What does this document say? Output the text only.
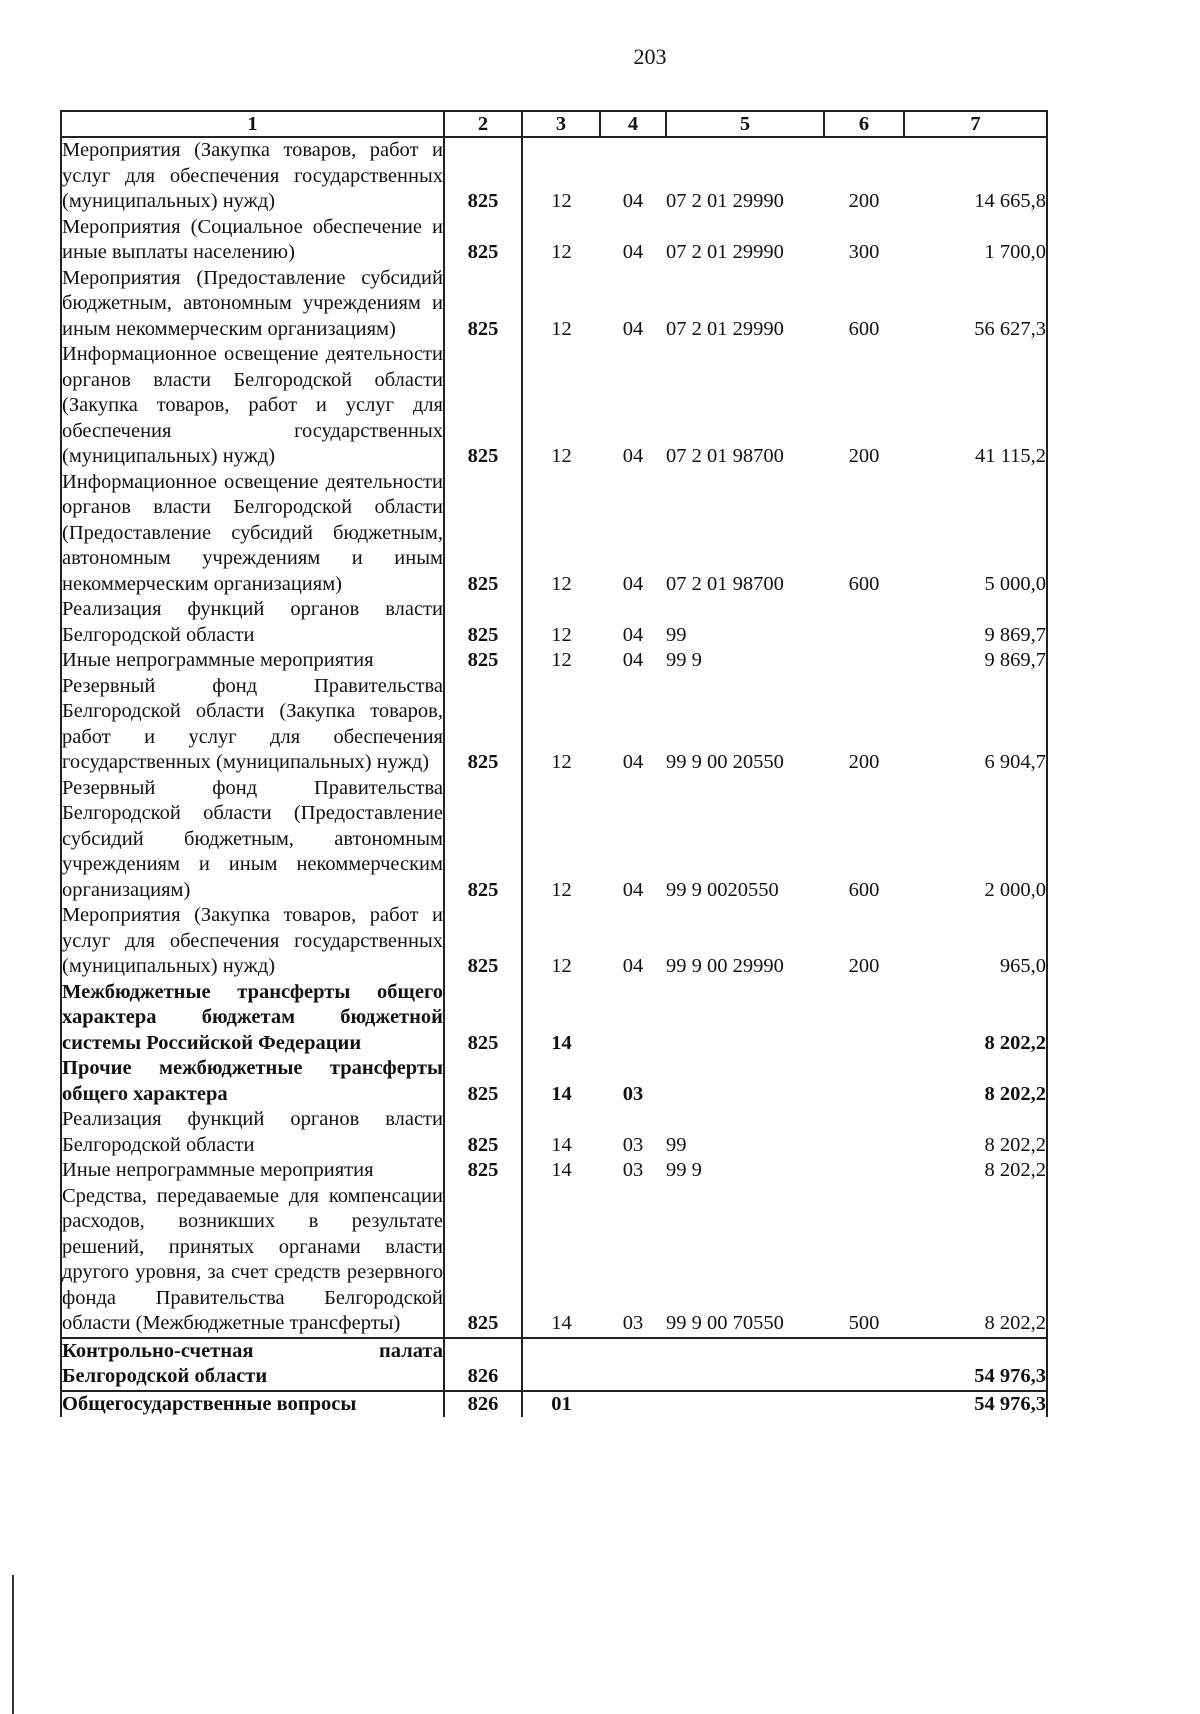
203
1	2	3	4	5	6	7
Мероприятия (Закупка товаров, работ и услуг для обеспечения государственных (муниципальных) нужд)	825	12	04	07 2 01 29990	200	14 665,8
Мероприятия (Социальное обеспечение и иные выплаты населению)	825	12	04	07 2 01 29990	300	1 700,0
Мероприятия (Предоставление субсидий бюджетным, автономным учреждениям и иным некоммерческим организациям)	825	12	04	07 2 01 29990	600	56 627,3
Информационное освещение деятельности органов власти Белгородской области (Закупка товаров, работ и услуг для обеспечения государственных (муниципальных) нужд)	825	12	04	07 2 01 98700	200	41 115,2
Информационное освещение деятельности органов власти Белгородской области (Предоставление субсидий бюджетным, автономным учреждениям и иным некоммерческим организациям)	825	12	04	07 2 01 98700	600	5 000,0
Реализация функций органов власти Белгородской области	825	12	04	99		9 869,7
Иные непрограммные мероприятия	825	12	04	99 9		9 869,7
Резервный фонд Правительства Белгородской области (Закупка товаров, работ и услуг для обеспечения государственных (муниципальных) нужд)	825	12	04	99 9 00 20550	200	6 904,7
Резервный фонд Правительства Белгородской области (Предоставление субсидий бюджетным, автономным учреждениям и иным некоммерческим организациям)	825	12	04	99 9 0020550	600	2 000,0
Мероприятия (Закупка товаров, работ и услуг для обеспечения государственных (муниципальных) нужд)	825	12	04	99 9 00 29990	200	965,0
Межбюджетные трансферты общего характера бюджетам бюджетной системы Российской Федерации	825	14				8 202,2
Прочие межбюджетные трансферты общего характера	825	14	03			8 202,2
Реализация функций органов власти Белгородской области	825	14	03	99		8 202,2
Иные непрограммные мероприятия	825	14	03	99 9		8 202,2
Средства, передаваемые для компенсации расходов, возникших в результате решений, принятых органами власти другого уровня, за счет средств резервного фонда Правительства Белгородской области (Межбюджетные трансферты)	825	14	03	99 9 00 70550	500	8 202,2
Контрольно-счетная палата Белгородской области	826					54 976,3
Общегосударственные вопросы	826	01				54 976,3
